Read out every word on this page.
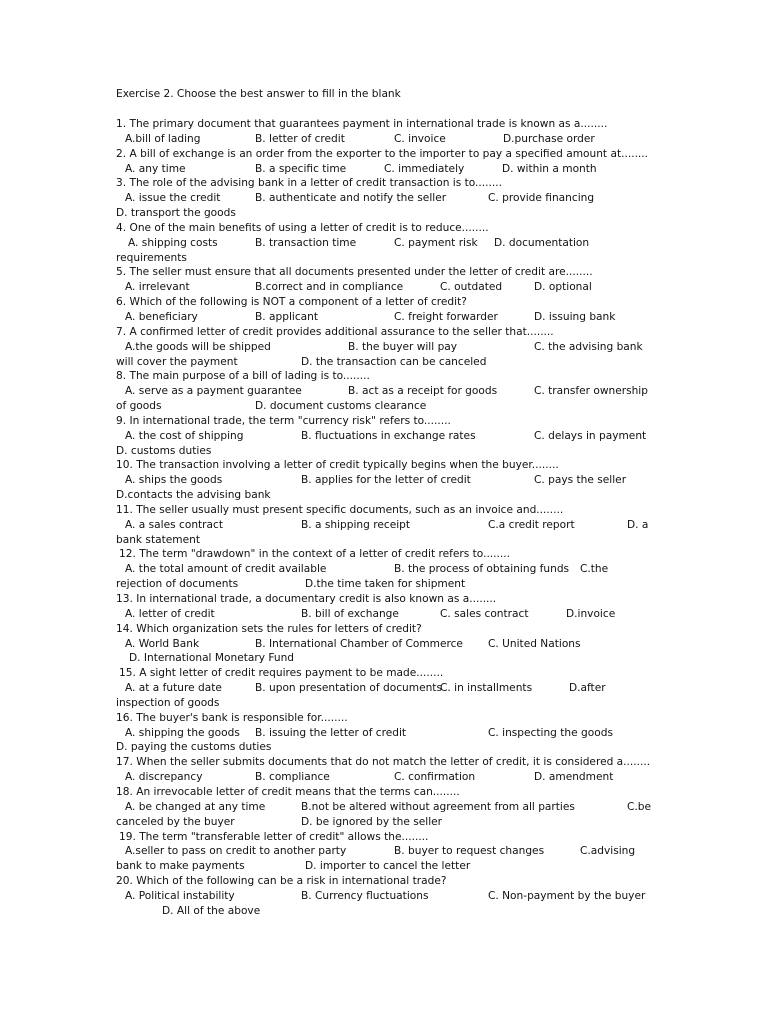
Exercise 2. Choose the best answer to fill in the blank
1. The primary document that guarantees payment in international trade is known as a........
A.bill of lading	B. letter of credit	C. invoice	D.purchase order
2. A bill of exchange is an order from the exporter to the importer to pay a specified amount at........
A. any time	B. a specific time	C. immediately	D. within a month
3. The role of the advising bank in a letter of credit transaction is to........
A. issue the credit	B. authenticate and notify the seller	C. provide financing
D. transport the goods
4. One of the main benefits of using a letter of credit is to reduce........
A. shipping costs	B. transaction time	C. payment risk D. documentation
requirements
5. The seller must ensure that all documents presented under the letter of credit are........
A. irrelevant	B.correct and in compliance	C. outdated	D. optional
6. Which of the following is NOT a component of a letter of credit?
A. beneficiary	B. applicant	C. freight forwarder	D. issuing bank
7. A confirmed letter of credit provides additional assurance to the seller that........
A.the goods will be shipped	B. the buyer will pay	C. the advising bank
will cover the payment	D. the transaction can be canceled
8. The main purpose of a bill of lading is to........
A. serve as a payment guarantee	B. act as a receipt for goods	C. transfer ownership
of goods	D. document customs clearance
9. In international trade, the term "currency risk" refers to........
A. the cost of shipping	B. fluctuations in exchange rates	C. delays in payment
D. customs duties
10. The transaction involving a letter of credit typically begins when the buyer........
A. ships the goods	B. applies for the letter of credit	C. pays the seller
D.contacts the advising bank
11. The seller usually must present specific documents, such as an invoice and........
A. a sales contract	B. a shipping receipt	C.a credit report	D. a
bank statement
12. The term "drawdown" in the context of a letter of credit refers to........
A. the total amount of credit available	B. the process of obtaining funds C.the
rejection of documents	D.the time taken for shipment
13. In international trade, a documentary credit is also known as a........
A. letter of credit	B. bill of exchange	C. sales contract	D.invoice
14. Which organization sets the rules for letters of credit?
A. World Bank	B. International Chamber of Commerce C. United Nations
D. International Monetary Fund
15. A sight letter of credit requires payment to be made........
A. at a future date	B. upon presentation of documents
C. in installments	D.after
inspection of goods
16. The buyer's bank is responsible for........
A. shipping the goods B. issuing the letter of credit	C. inspecting the goods
D. paying the customs duties
17. When the seller submits documents that do not match the letter of credit, it is considered a........
A. discrepancy	B. compliance	C. confirmation	D. amendment
18. An irrevocable letter of credit means that the terms can........
A. be changed at any time	B.not be altered without agreement from all parties	C.be
canceled by the buyer	D. be ignored by the seller
19. The term "transferable letter of credit" allows the........
A.seller to pass on credit to another party	B. buyer to request changes	C.advising
bank to make payments	D. importer to cancel the letter
20. Which of the following can be a risk in international trade?
A. Political instability	B. Currency fluctuations	C. Non-payment by the buyer
D. All of the above
